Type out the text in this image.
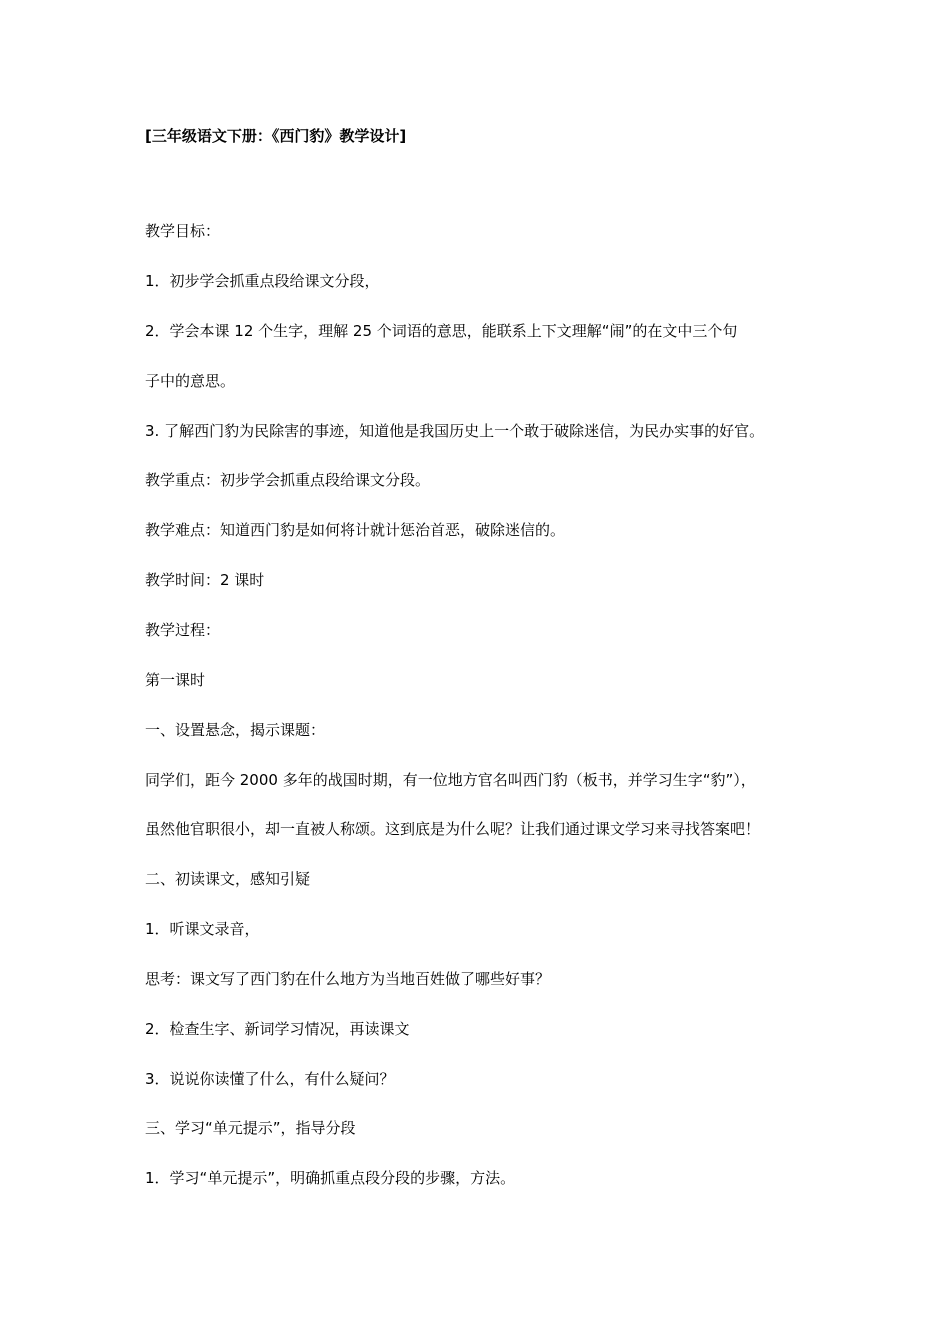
[三年级语文下册：《西门豹》教学设计]
教学目标：
1．初步学会抓重点段给课文分段，
2．学会本课 12 个生字，理解 25 个词语的意思，能联系上下文理解“闹”的在文中三个句
子中的意思。
3. 了解西门豹为民除害的事迹，知道他是我国历史上一个敢于破除迷信，为民办实事的好官。
教学重点：初步学会抓重点段给课文分段。
教学难点：知道西门豹是如何将计就计惩治首恶，破除迷信的。
教学时间：2 课时
教学过程：
第一课时
一、设置悬念，揭示课题：
同学们，距今 2000 多年的战国时期，有一位地方官名叫西门豹（板书，并学习生字“豹”），
虽然他官职很小，却一直被人称颂。这到底是为什么呢？让我们通过课文学习来寻找答案吧！
二、初读课文，感知引疑
1．听课文录音，
思考：课文写了西门豹在什么地方为当地百姓做了哪些好事？
2．检查生字、新词学习情况，再读课文
3．说说你读懂了什么，有什么疑问？
三、学习“单元提示”，指导分段
1．学习“单元提示”，明确抓重点段分段的步骤，方法。
